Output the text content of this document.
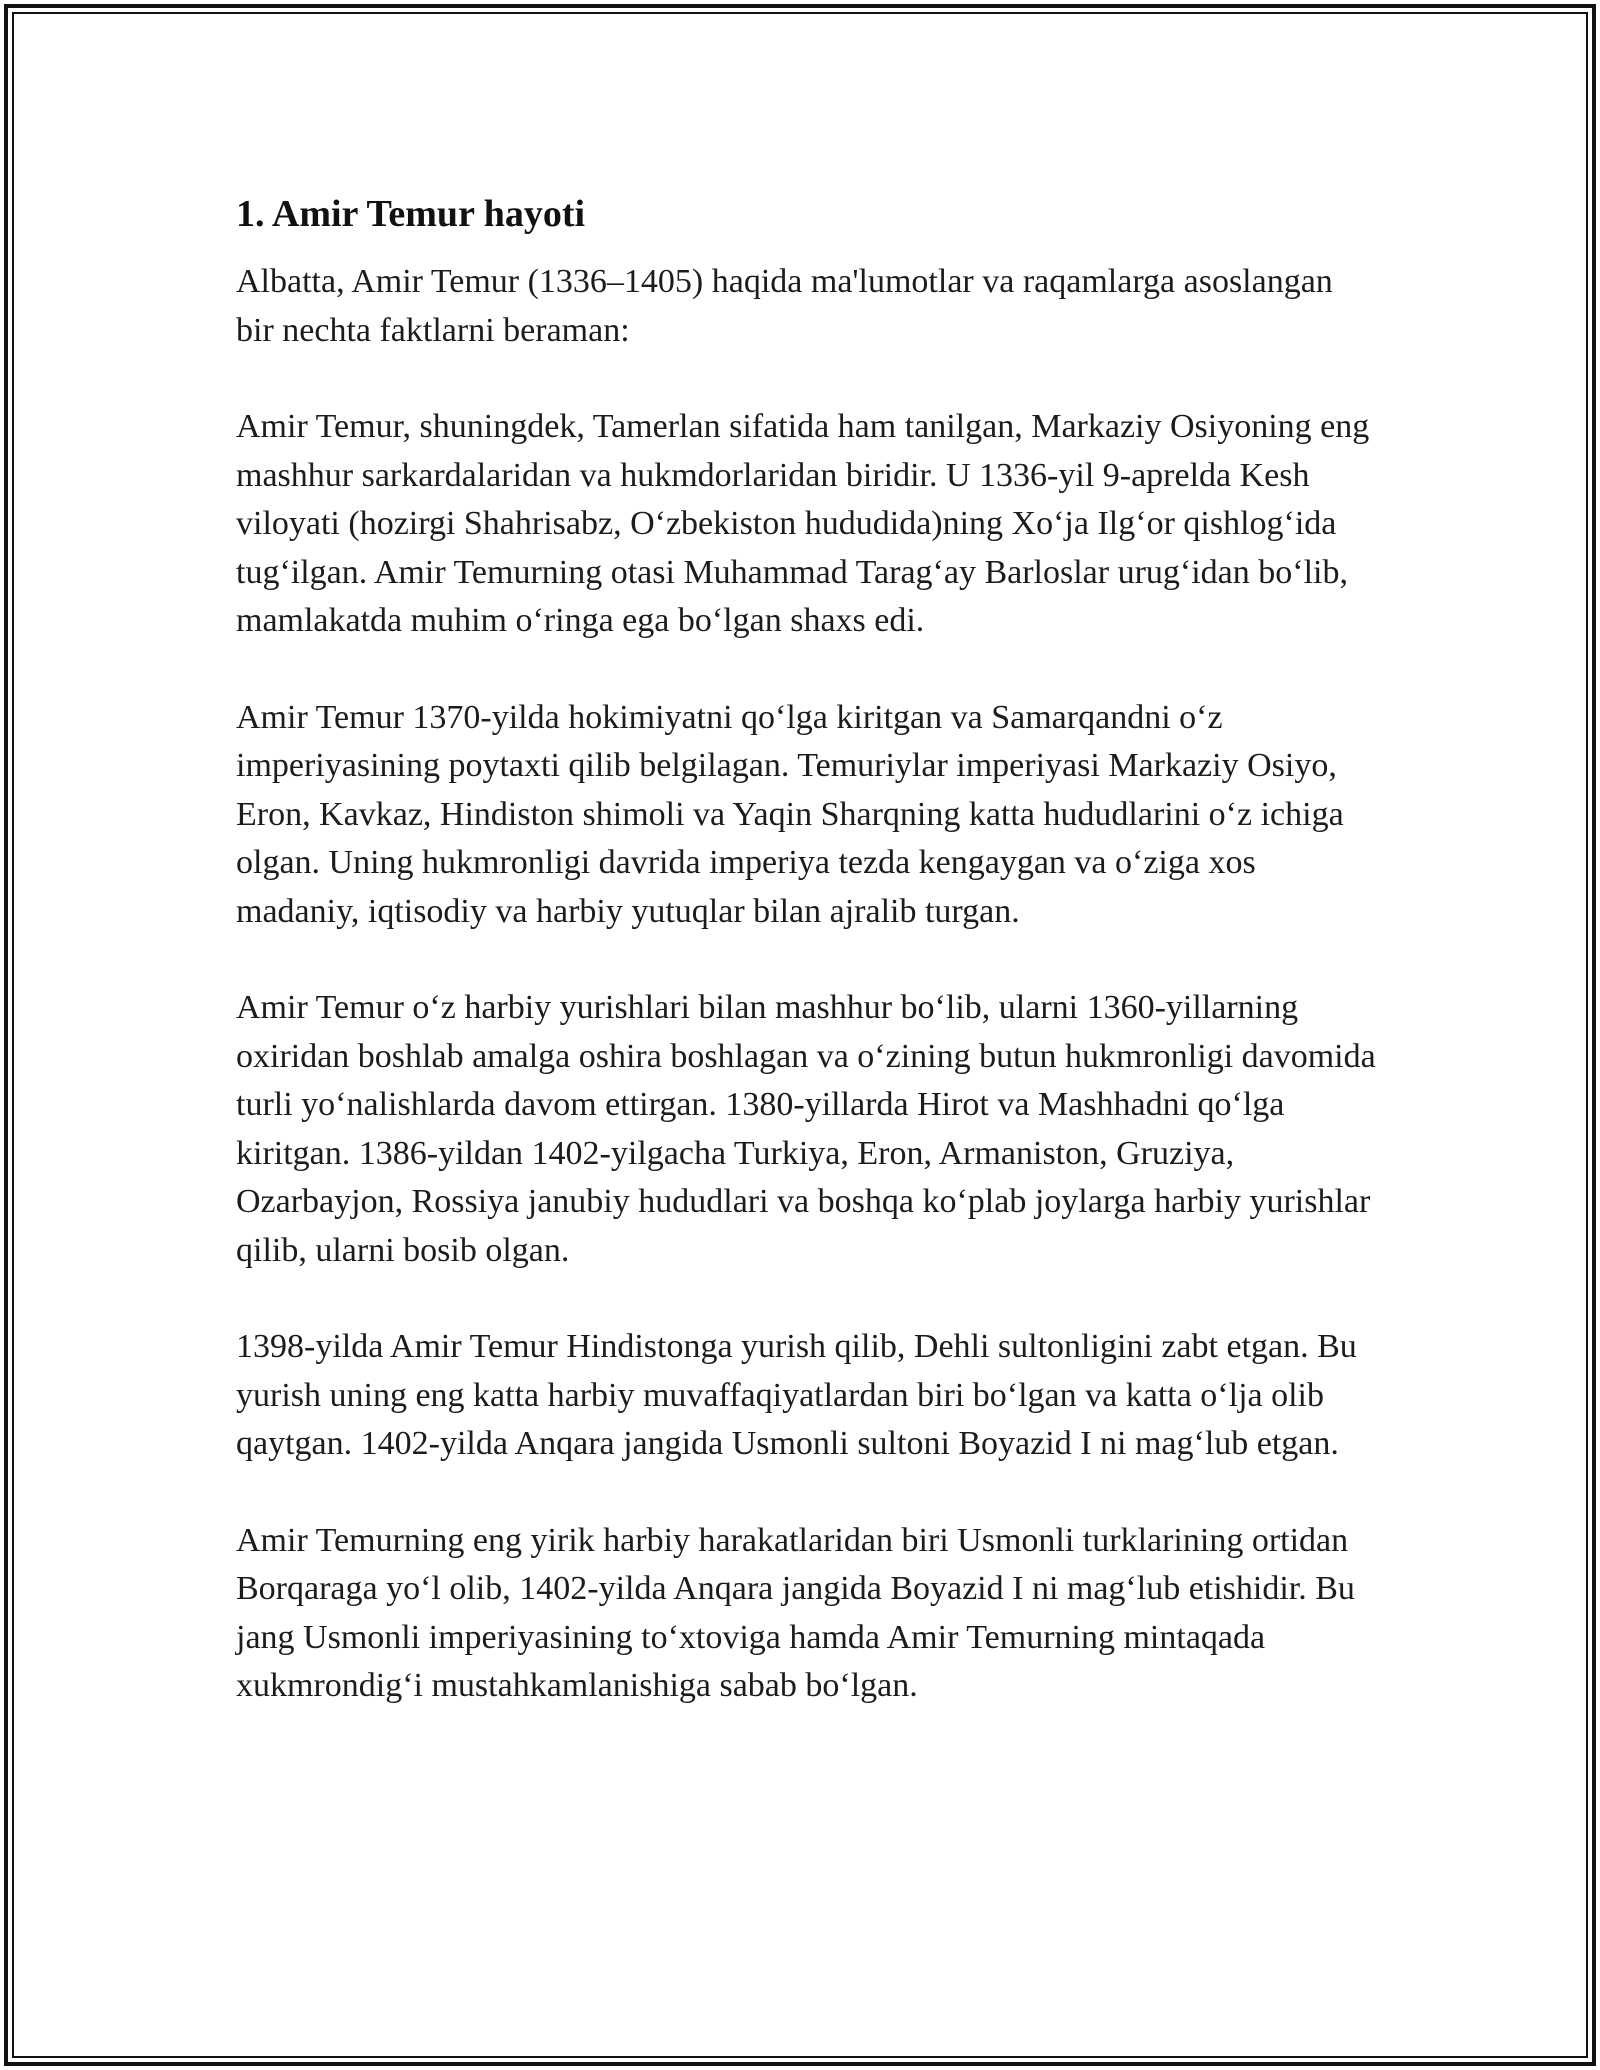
1. Amir Temur hayoti

Albatta, Amir Temur (1336–1405) haqida ma'lumotlar va raqamlarga asoslangan bir nechta faktlarni beraman:

Amir Temur, shuningdek, Tamerlan sifatida ham tanilgan, Markaziy Osiyoning eng mashhur sarkardalaridan va hukmdorlaridan biridir. U 1336-yil 9-aprelda Kesh viloyati (hozirgi Shahrisabz, O‘zbekiston hududida)ning Xo‘ja Ilg‘or qishlog‘ida tug‘ilgan. Amir Temurning otasi Muhammad Tarag‘ay Barloslar urug‘idan bo‘lib, mamlakatda muhim o‘ringa ega bo‘lgan shaxs edi.

Amir Temur 1370-yilda hokimiyatni qo‘lga kiritgan va Samarqandni o‘z imperiyasining poytaxti qilib belgilagan. Temuriylar imperiyasi Markaziy Osiyo, Eron, Kavkaz, Hindiston shimoli va Yaqin Sharqning katta hududlarini o‘z ichiga olgan. Uning hukmronligi davrida imperiya tezda kengaygan va o‘ziga xos madaniy, iqtisodiy va harbiy yutuqlar bilan ajralib turgan.

Amir Temur o‘z harbiy yurishlari bilan mashhur bo‘lib, ularni 1360-yillarning oxiridan boshlab amalga oshira boshlagan va o‘zining butun hukmronligi davomida turli yo‘nalishlarda davom ettirgan. 1380-yillarda Hirot va Mashhadni qo‘lga kiritgan. 1386-yildan 1402-yilgacha Turkiya, Eron, Armaniston, Gruziya, Ozarbayjon, Rossiya janubiy hududlari va boshqa ko‘plab joylarga harbiy yurishlar qilib, ularni bosib olgan.

1398-yilda Amir Temur Hindistonga yurish qilib, Dehli sultonligini zabt etgan. Bu yurish uning eng katta harbiy muvaffaqiyatlardan biri bo‘lgan va katta o‘lja olib qaytgan. 1402-yilda Anqara jangida Usmonli sultoni Boyazid I ni mag‘lub etgan.

Amir Temurning eng yirik harbiy harakatlaridan biri Usmonli turklarining ortidan Borqaraga yo‘l olib, 1402-yilda Anqara jangida Boyazid I ni mag‘lub etishidir. Bu jang Usmonli imperiyasining to‘xtoviga hamda Amir Temurning mintaqada xukmrondig‘i mustahkamlanishiga sabab bo‘lgan.
